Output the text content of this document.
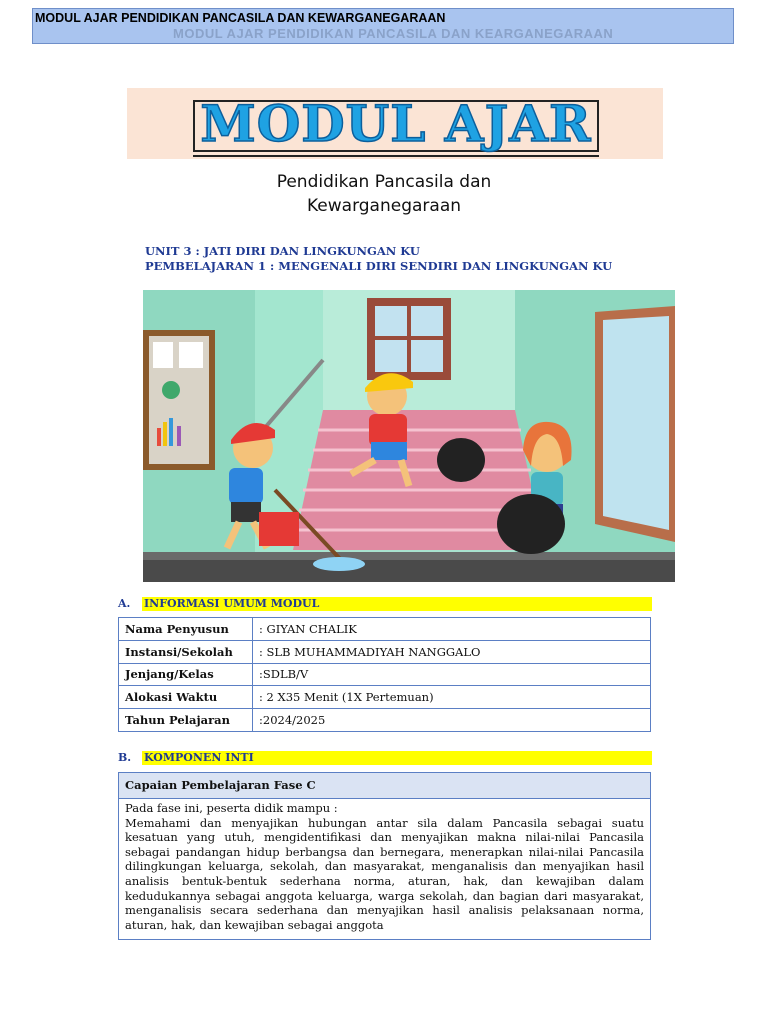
MODUL AJAR PENDIDIKAN PANCASILA DAN KEARGANEGARAAN
MODUL AJAR PENDIDIKAN PANCASILA DAN KEWARGANEGARAAN
MODUL AJAR
Pendidikan Pancasila dan Kewarganegaraan
UNIT 3 : JATI DIRI DAN LINGKUNGAN KU
PEMBELAJARAN 1 : MENGENALI DIRI SENDIRI DAN LINGKUNGAN KU
A. INFORMASI UMUM MODUL
Nama Penyusun	: GIYAN CHALIK
Instansi/Sekolah	: SLB MUHAMMADIYAH NANGGALO
Jenjang/Kelas	:SDLB/V
Alokasi Waktu	: 2 X35 Menit (1X Pertemuan)
Tahun Pelajaran	:2024/2025
B. KOMPONEN INTI
Capaian Pembelajaran Fase C

Pada fase ini, peserta didik mampu :

Memahami dan menyajikan hubungan antar sila dalam Pancasila sebagai suatu kesatuan yang utuh, mengidentifikasi dan menyajikan makna nilai-nilai Pancasila sebagai pandangan hidup berbangsa dan bernegara, menerapkan nilai-nilai Pancasila dilingkungan keluarga, sekolah, dan masyarakat, menganalisis dan menyajikan hasil analisis bentuk-bentuk sederhana norma, aturan, hak, dan kewajiban dalam kedudukannya sebagai anggota keluarga, warga sekolah, dan bagian dari masyarakat, menganalisis secara sederhana dan menyajikan hasil analisis pelaksanaan norma, aturan, hak, dan kewajiban sebagai anggota
